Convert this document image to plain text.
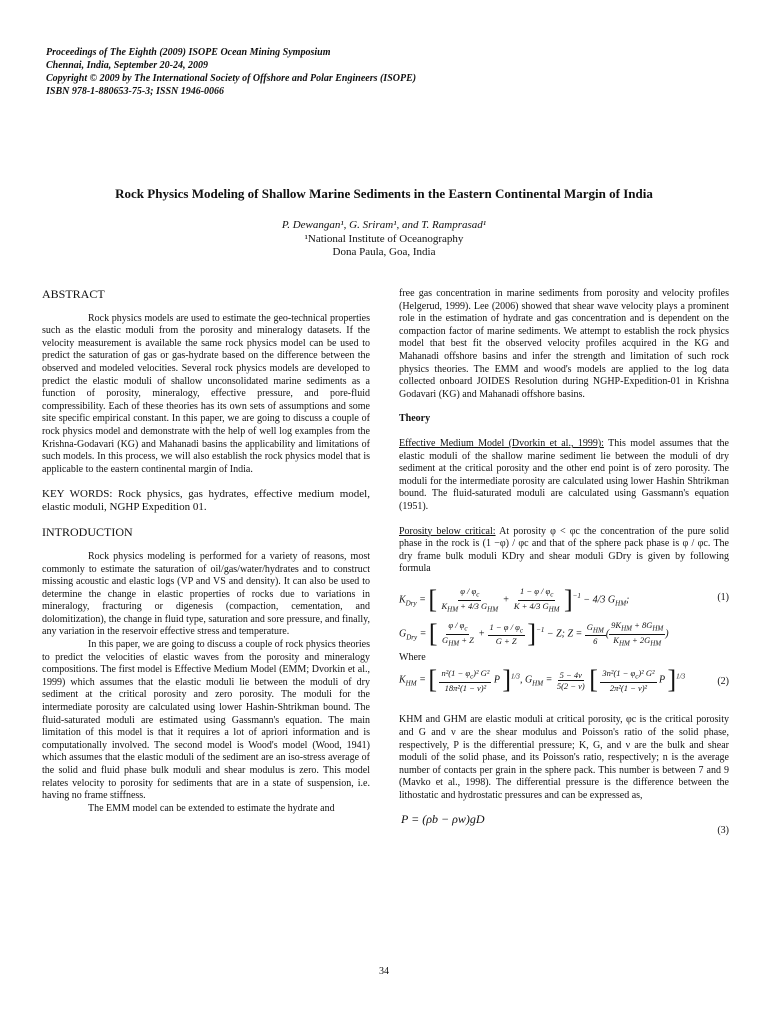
Proceedings of The Eighth (2009) ISOPE Ocean Mining Symposium
Chennai, India, September 20-24, 2009
Copyright © 2009 by The International Society of Offshore and Polar Engineers (ISOPE)
ISBN 978-1-880653-75-3; ISSN 1946-0066
Rock Physics Modeling of Shallow Marine Sediments in the Eastern Continental Margin of India
P. Dewangan¹, G. Sriram¹, and T. Ramprasad¹
¹National Institute of Oceanography
Dona Paula, Goa, India

ABSTRACT

Rock physics models are used to estimate the geo-technical properties such as the elastic moduli from the porosity and mineralogy datasets. If the velocity measurement is available the same rock physics model can be used to predict the saturation of gas or gas-hydrate based on the difference between the observed and modeled velocities. Several rock physics models are developed to predict the elastic moduli of shallow unconsolidated marine sediments as a function of porosity, mineralogy, effective pressure, and pore-fluid compressibility. Each of these theories has its own sets of assumptions and some site specific empirical constant. In this paper, we are going to discuss a couple of rock physics model and demonstrate with the help of well log examples from the Krishna-Godavari (KG) and Mahanadi basins the applicability and limitations of such models. In this process, we will also establish the rock physics model that is applicable to the eastern continental margin of India.

KEY WORDS: Rock physics, gas hydrates, effective medium model, elastic moduli, NGHP Expedition 01.

INTRODUCTION

Rock physics modeling is performed for a variety of reasons, most commonly to estimate the saturation of oil/gas/water/hydrates and to construct missing acoustic and elastic logs (VP and VS and density). It can also be used to determine the change in elastic properties of rocks due to variations in mineralogy, fracturing or digenesis (compaction, cementation, and dolomitization), the change in fluid type, saturation and sore pressure, and finally, any variation in the reservoir effective stress and temperature.

In this paper, we are going to discuss a couple of rock physics theories to predict the velocities of elastic waves from the porosity and mineralogy compositions. The first model is Effective Medium Model (EMM; Dvorkin et al., 1999) which assumes that the elastic moduli lie between the moduli of dry sediment at the critical porosity and zero porosity. The moduli for the intermediate porosity are calculated using lower Hashin-Shtrikman bound. The fluid-saturated moduli are estimated using Gassmann's equation. The main limitation of this model is that it requires a lot of apriori information and is computationally involved. The second model is Wood's model (Wood, 1941) which assumes that the elastic moduli of the sediment are an iso-stress average of the solid and fluid phase bulk moduli and shear modulus is zero. This model relates velocity to porosity for sediments that are in a state of suspension, i.e. having no frame stiffness.

The EMM model can be extended to estimate the hydrate and

free gas concentration in marine sediments from porosity and velocity profiles (Helgerud, 1999). Lee (2006) showed that shear wave velocity plays a prominent role in the estimation of hydrate and gas concentration and is dependent on the compaction factor of marine sediments. We attempt to establish the rock physics model that best fit the observed velocity profiles acquired in the KG and Mahanadi offshore basins and infer the strength and limitation of such rock physics theories. The EMM and wood's models are applied to the log data collected onboard JOIDES Resolution during NGHP-Expedition-01 in Krishna Godavari (KG) and Mahanadi offshore basins.

Theory

Effective Medium Model (Dvorkin et al., 1999): This model assumes that the elastic moduli of the shallow marine sediment lie between the moduli of dry sediment at the critical porosity and the other end point is of zero porosity. The moduli for the intermediate porosity are calculated using lower Hashin Shtrikman bound. The fluid-saturated moduli are calculated using Gassmann's equation (1951).

Porosity below critical: At porosity φ < φc the concentration of the pure solid phase in the rock is (1 −φ) / φc and that of the sphere pack phase is φ / φc. The dry frame bulk moduli KDry and shear moduli GDry is given by following formula

$K_{Dry}$ = [ $\frac{\varphi / \varphi_c}{K_{HM} + 4/3 G_{HM}} + \frac{1 - \varphi / \varphi_c}{K + 4/3 G_{HM}} ]^{-1} - 4/3$ $G_{HM}$;
$G_{Dry}$ = [ $\frac{\varphi / \varphi_c}{G_{HM} + Z} + \frac{1 - \varphi / \varphi_c}{G + Z} ]^{-1} - Z$; $Z = \frac{G_{HM}}{6}$ ( $\frac{9K_{HM} + 8G_{HM}}{K_{HM} + 2G_{HM}}$ )
(1)

Where

$K_{HM}$ = [ $\frac{n^2(1 - \varphi_c)^2 G^2}{\text{18π²(1 − ν)²}}$ P ]$^{1/3}$, $G_{HM} = \frac{5 - 4\nu}{5(2 - \nu)}$ [ $\frac{3n^2(1 - \varphi_c)^2 G^2}{\text{2π²(1 − ν)²}}$ P ]$^{1/3}$	(2)

KHM and GHM are elastic moduli at critical porosity, φc is the critical porosity and G and ν are the shear modulus and Poisson's ratio of the solid phase, respectively, P is the differential pressure; K, G, and ν are the bulk and shear moduli of the solid phase, and its Poisson's ratio, respectively; n is the average number of contacts per grain in the sphere pack. This number is between 7 and 9 (Mavko et al., 1998). The differential pressure is the difference between the lithostatic and hydrostatic pressures and can be expressed as,

P = (ρb − ρw)gD
(3)
34
